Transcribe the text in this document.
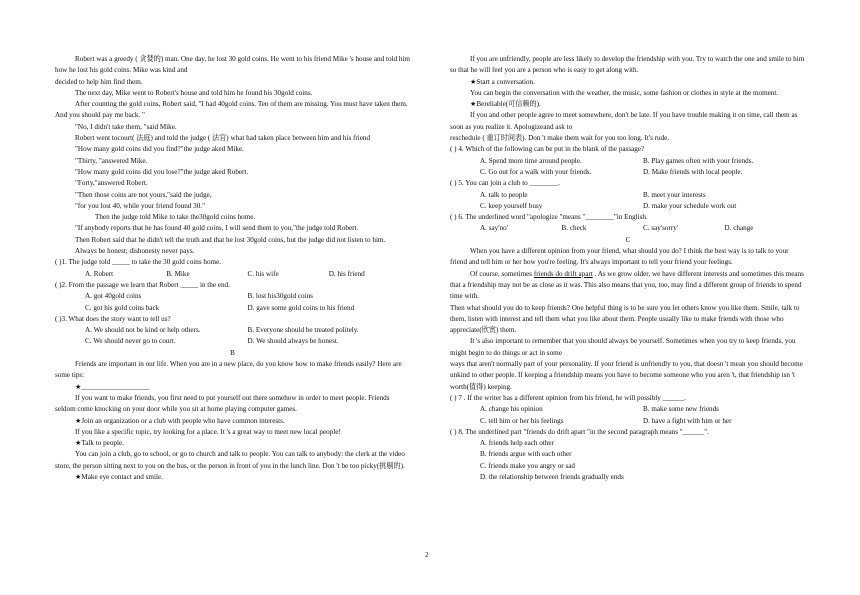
Robert was a greedy ( 贪婪的) man. One day, he lost 30 gold coins. He went to his friend Mike 's house and told him how he lost his gold coins. Mike was kind and

decided to help him find them.

The next day, Mike went to Robert's house and told him he found his 30gold coins.

After counting the gold coins, Robert said, "I had 40gold coins. Ten of them are missing. You must have taken them. And you should pay me back. "

"No, I didn't take them, "said Mike.

Robert went tocourt( 法庭) and told the judge ( 法官) what had taken place between him and his friend

"How many gold coins did you find?"the judge aked Mike.

"Thirty, "answered Mike.

"How many gold coins did you lose?"the judge aked Robert.

"Forty,"answered Robert.

"Then those coins are not yours,"said the judge,

"for you lost 40, while your friend found 30."

Then the judge told Mike to take the30gold coins home.

"If anybody reports that he has found 40 gold coins, I will send them to you,"the judge told Robert.

Then Robert said that he didn't tell the truth and that he lost 30gold coins, but the judge did not listen to him.

Always be honest; dishonesty never pays.

( )1. The judge told _____ to take the 30 gold coins home.

A. Robert	B. Mike	C. his wife	D. his friend

( )2. From the passage we learn that Robert _____ in the end.

A. got 40gold coins	B. lost his30gold coins
C. got his gold coins back	D. gave some gold coins to his friend

( )3. What does the story want to tell us?

A. We should not be kind or help others.	B. Everyone should be treated politely.
C. We should never go to court.	D. We should always be honest.

B

Friends are important in our life. When you are in a new place, do you know how to make friends easily? Here are some tips:

★___________________

If you want to make friends, you first need to put yourself out there somehow in order to meet people. Friends seldom come knocking on your door while you sit at home playing computer games.

★Join an organization or a club with people who have common interests.

If you like a specific topic, try looking for a place. It 's a great way to meet new local people!

★Talk to people.

You can join a club, go to school, or go to church and talk to people. You can talk to anybody: the clerk at the video store, the person sitting next to you on the bus, or the person in front of you in the lunch line. Don 't be too picky(挑剔的).

★Make eye contact and smile.

If you are unfriendly, people are less likely to develop the friendship with you. Try to watch the one and smile to him so that he will feel you are a person who is easy to get along with.

★Start a conversation.

You can begin the conversation with the weather, the music, some fashion or clothes in style at the moment.

★Bereliable(可信赖的).

If you and other people agree to meet somewhere, don't be late. If you have trouble making it on time, call them as soon as you realize it. Apologizeand ask to

reschedule ( 重订时间表). Don 't make them wait for you too long. It's rude.

( ) 4. Which of the following can be put in the blank of the passage?

A. Spend more time around people.	B. Play games often with your friends.
C. Go out for a walk with your friends.	D. Make friends with local people.

( ) 5. You can join a club to ________.

A. talk to people	B. meet your interests
C. keep yourself busy	D. make your schedule work out

( ) 6. The underlined word "apologize "means "________"in English.

A. say'no'	B. check	C. say'sorry'	D. change

C

When you have a different opinion from your friend, what should you do? I think the best way is to talk to your friend and tell him or her how you're feeling. It's always important to tell your friend your feelings.

Of course, sometimes friends do drift apart . As we grow older, we have different interests and sometimes this means that a friendship may not be as close as it was. This also means that you, too, may find a different group of friends to spend time with.

Then what should you do to keep friends? One helpful thing is to be sure you let others know you like them. Smile, talk to them, listen with interest and tell them what you like about them. People usually like to make friends with those who appreciate(欣赏) them.

It 's also important to remember that you should always be yourself. Sometimes when you try to keep friends, you might begin to do things or act in some

ways that aren't normally part of your personality. If your friend is unfriendly to you, that doesn 't mean you should become unkind to other people. If keeping a friendship means you have to become someone who you aren 't, that friendship isn 't worth(值得) keeping.

( ) 7 . If the writer has a different opinion from his friend, he will possibly ______.

A. change his opinion	B. make some new friends
C. tell him or her his feelings	D. have a fight with him or her

( ) 8. The underlined part "friends do drift apart "in the second paragraph means "______".

A. friends help each other

B. friends argue with each other

C. friends make you angry or sad

D. the relationship between friends gradually ends

2
